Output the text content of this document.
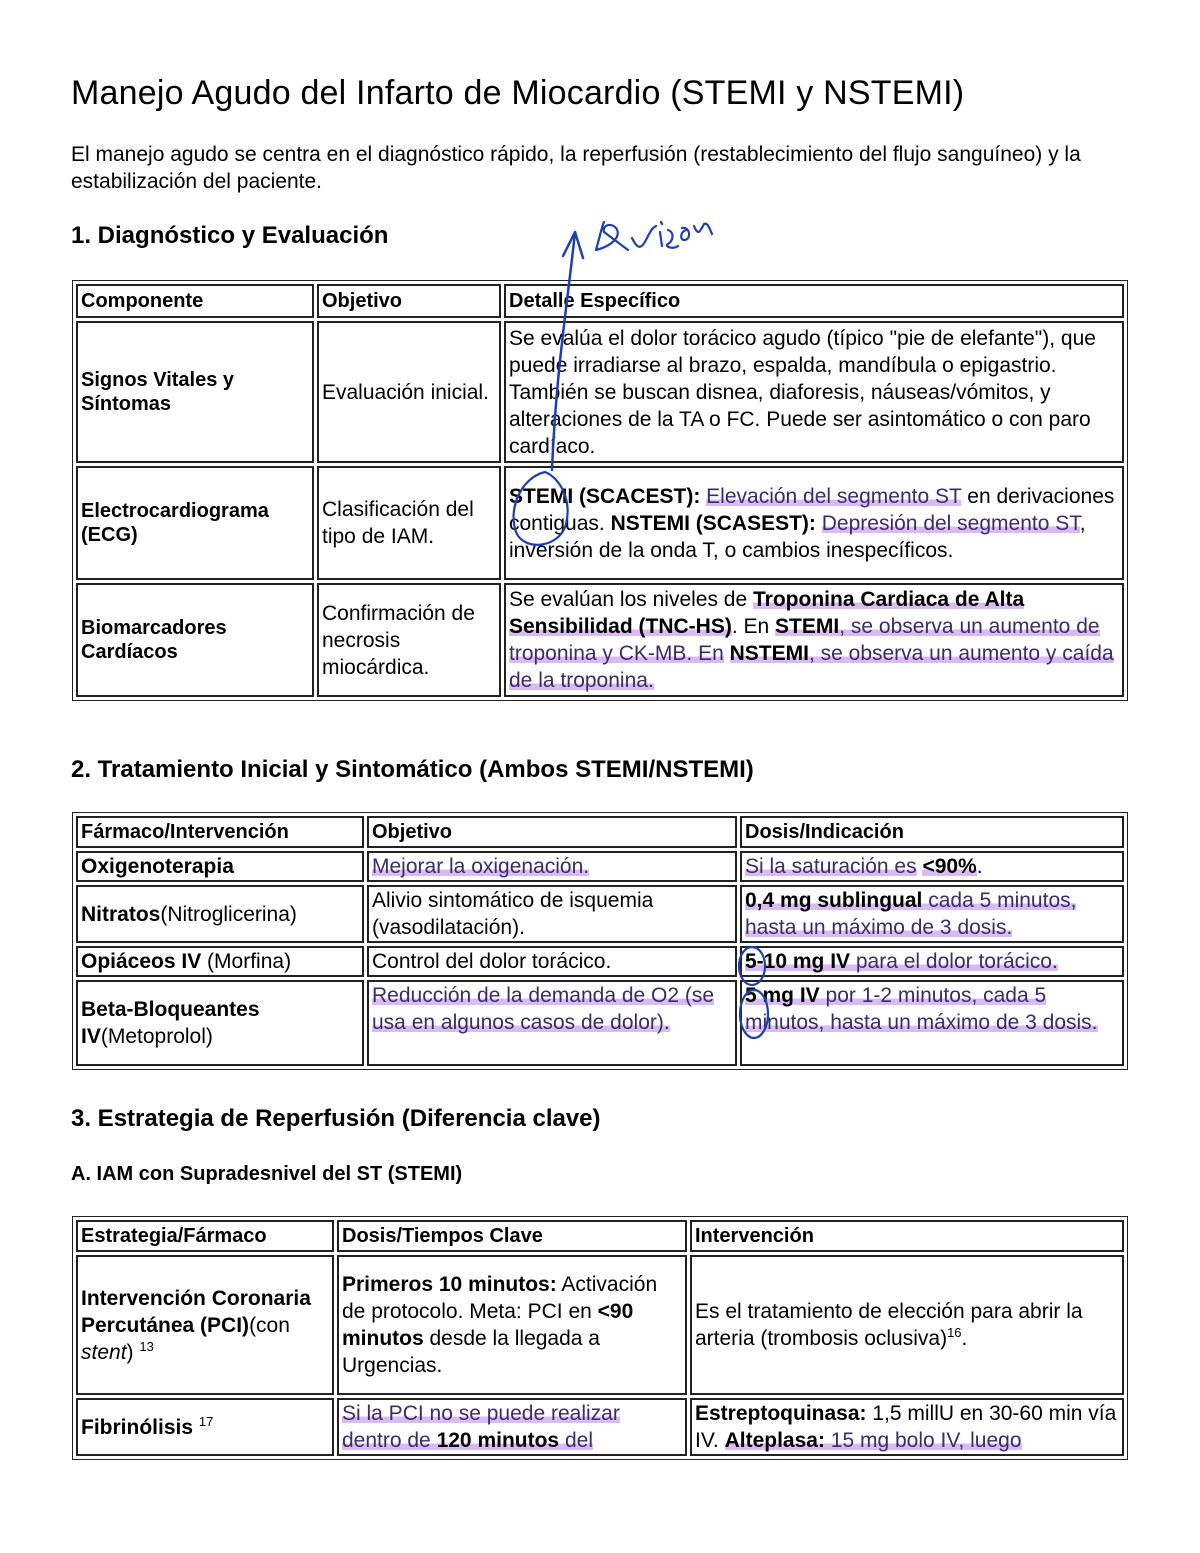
Manejo Agudo del Infarto de Miocardio (STEMI y NSTEMI)

El manejo agudo se centra en el diagnóstico rápido, la reperfusión (restablecimiento del flujo sanguíneo) y la estabilización del paciente.

1. Diagnóstico y Evaluación
Componente	Objetivo	Detalle Específico
Signos Vitales y Síntomas	Evaluación inicial.	Se evalúa el dolor torácico agudo (típico "pie de elefante"), que puede irradiarse al brazo, espalda, mandíbula o epigastrio. También se buscan disnea, diaforesis, náuseas/vómitos, y alteraciones de la TA o FC. Puede ser asintomático o con paro cardíaco.
Electrocardiograma (ECG)	Clasificación del tipo de IAM.	STEMI (SCACEST): Elevación del segmento ST en derivaciones contiguas. NSTEMI (SCASEST): Depresión del segmento ST, inversión de la onda T, o cambios inespecíficos.
Biomarcadores Cardíacos	Confirmación de necrosis miocárdica.	Se evalúan los niveles de Troponina Cardiaca de Alta Sensibilidad (TNC-HS). En STEMI, se observa un aumento de troponina y CK-MB. En NSTEMI, se observa un aumento y caída de la troponina.
2. Tratamiento Inicial y Sintomático (Ambos STEMI/NSTEMI)
Fármaco/Intervención	Objetivo	Dosis/Indicación
Oxigenoterapia	Mejorar la oxigenación.	Si la saturación es <90%.
Nitratos(Nitroglicerina)	Alivio sintomático de isquemia (vasodilatación).	0,4 mg sublingual cada 5 minutos, hasta un máximo de 3 dosis.
Opiáceos IV (Morfina)	Control del dolor torácico.	5-10 mg IV para el dolor torácico.
Beta-Bloqueantes IV(Metoprolol)	Reducción de la demanda de O2 (se usa en algunos casos de dolor).	5 mg IV por 1-2 minutos, cada 5 minutos, hasta un máximo de 3 dosis.
3. Estrategia de Reperfusión (Diferencia clave)
A. IAM con Supradesnivel del ST (STEMI)
Estrategia/Fármaco	Dosis/Tiempos Clave	Intervención
Intervención Coronaria Percutánea (PCI)(con stent) $^{13}$	Primeros 10 minutos: Activación de protocolo. Meta: PCI en <90 minutos desde la llegada a Urgencias.	Es el tratamiento de elección para abrir la arteria (trombosis oclusiva)$^{16}$.
Fibrinólisis $^{17}$	Si la PCI no se puede realizar dentro de 120 minutos del	Estreptoquinasa: 1,5 millU en 30-60 min vía IV. Alteplasa: 15 mg bolo IV, luego
